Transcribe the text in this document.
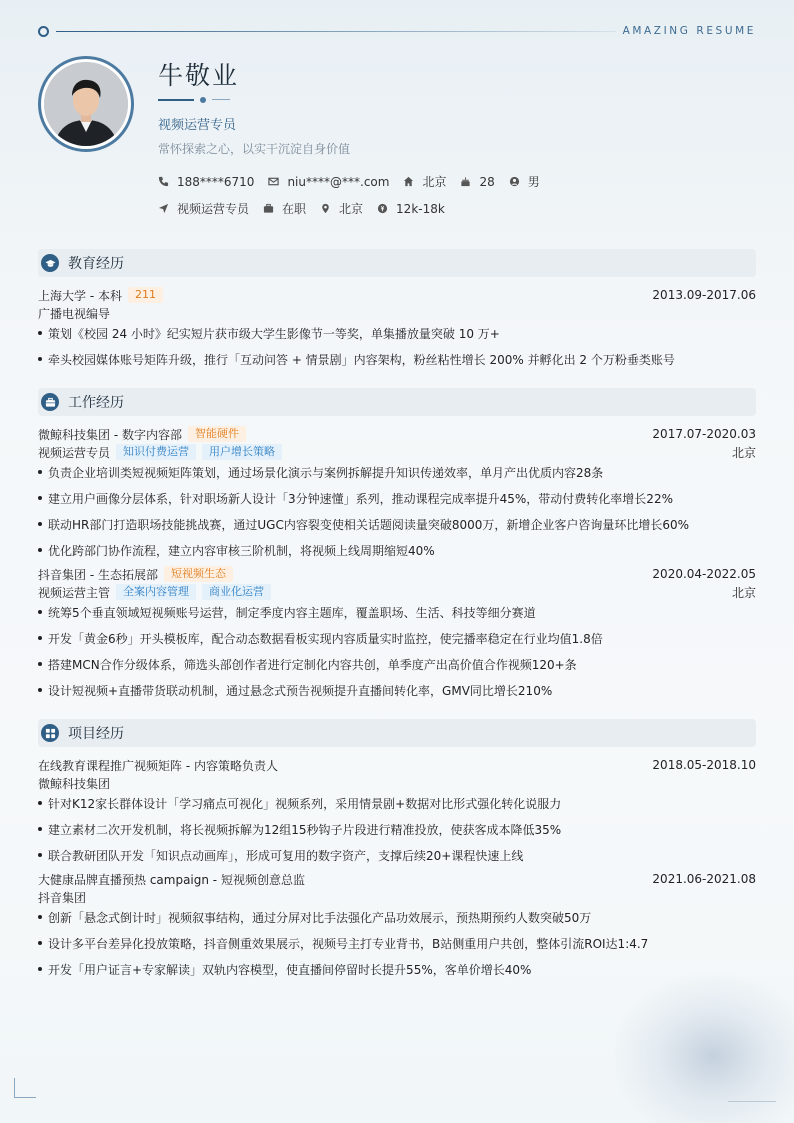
AMAZING RESUME
牛敬业
视频运营专员
常怀探索之心，以实干沉淀自身价值
188****6710	niu****@***.com	北京	28	男
视频运营专员	在职	北京	12k-18k
教育经历
上海大学 - 本科	211	2013.09-2017.06
广播电视编导
策划《校园 24 小时》纪实短片获市级大学生影像节一等奖，单集播放量突破 10 万+
牵头校园媒体账号矩阵升级，推行「互动问答 + 情景剧」内容架构，粉丝粘性增长 200% 并孵化出 2 个万粉垂类账号
工作经历
微鲸科技集团 - 数字内容部	智能硬件	2017.07-2020.03
视频运营专员	知识付费运营	用户增长策略	北京
负责企业培训类短视频矩阵策划，通过场景化演示与案例拆解提升知识传递效率，单月产出优质内容28条
建立用户画像分层体系，针对职场新人设计「3分钟速懂」系列，推动课程完成率提升45%，带动付费转化率增长22%
联动HR部门打造职场技能挑战赛，通过UGC内容裂变使相关话题阅读量突破8000万，新增企业客户咨询量环比增长60%
优化跨部门协作流程，建立内容审核三阶机制，将视频上线周期缩短40%
抖音集团 - 生态拓展部	短视频生态	2020.04-2022.05
视频运营主管	全案内容管理	商业化运营	北京
统筹5个垂直领域短视频账号运营，制定季度内容主题库，覆盖职场、生活、科技等细分赛道
开发「黄金6秒」开头模板库，配合动态数据看板实现内容质量实时监控，使完播率稳定在行业均值1.8倍
搭建MCN合作分级体系，筛选头部创作者进行定制化内容共创，单季度产出高价值合作视频120+条
设计短视频+直播带货联动机制，通过悬念式预告视频提升直播间转化率，GMV同比增长210%
项目经历
在线教育课程推广视频矩阵 - 内容策略负责人	2018.05-2018.10
微鲸科技集团
针对K12家长群体设计「学习痛点可视化」视频系列，采用情景剧+数据对比形式强化转化说服力
建立素材二次开发机制，将长视频拆解为12组15秒钩子片段进行精准投放，使获客成本降低35%
联合教研团队开发「知识点动画库」，形成可复用的数字资产，支撑后续20+课程快速上线
大健康品牌直播预热 campaign - 短视频创意总监	2021.06-2021.08
抖音集团
创新「悬念式倒计时」视频叙事结构，通过分屏对比手法强化产品功效展示，预热期预约人数突破50万
设计多平台差异化投放策略，抖音侧重效果展示，视频号主打专业背书，B站侧重用户共创，整体引流ROI达1:4.7
开发「用户证言+专家解读」双轨内容模型，使直播间停留时长提升55%，客单价增长40%
